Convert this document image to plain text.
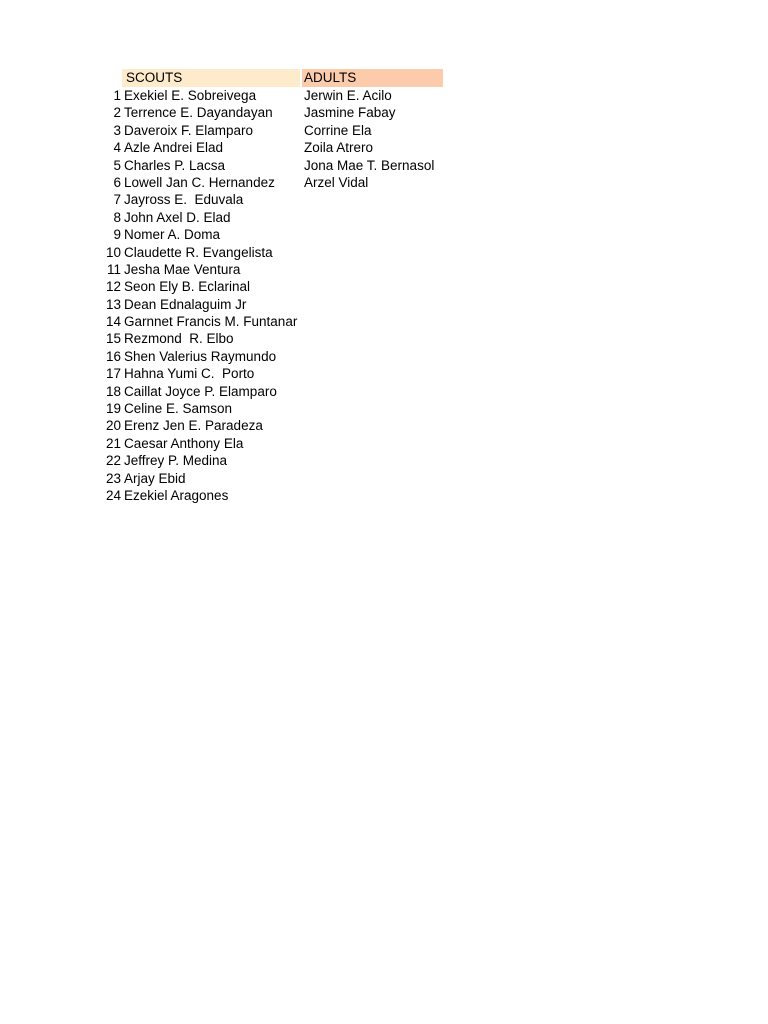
SCOUTS	ADULTS
1 Exekiel E. Sobreivega	Jerwin E. Acilo
2 Terrence E. Dayandayan	Jasmine Fabay
3 Daveroix F. Elamparo	Corrine Ela
4 Azle Andrei Elad	Zoila Atrero
5 Charles P. Lacsa	Jona Mae T. Bernasol
6 Lowell Jan C. Hernandez	Arzel Vidal
7 Jayross E.  Eduvala
8 John Axel D. Elad
9 Nomer A. Doma
10 Claudette R. Evangelista
11 Jesha Mae Ventura
12 Seon Ely B. Eclarinal
13 Dean Ednalaguim Jr
14 Garnnet Francis M. Funtanar
15 Rezmond  R. Elbo
16 Shen Valerius Raymundo
17 Hahna Yumi C.  Porto
18 Caillat Joyce P. Elamparo
19 Celine E. Samson
20 Erenz Jen E. Paradeza
21 Caesar Anthony Ela
22 Jeffrey P. Medina
23 Arjay Ebid
24 Ezekiel Aragones
